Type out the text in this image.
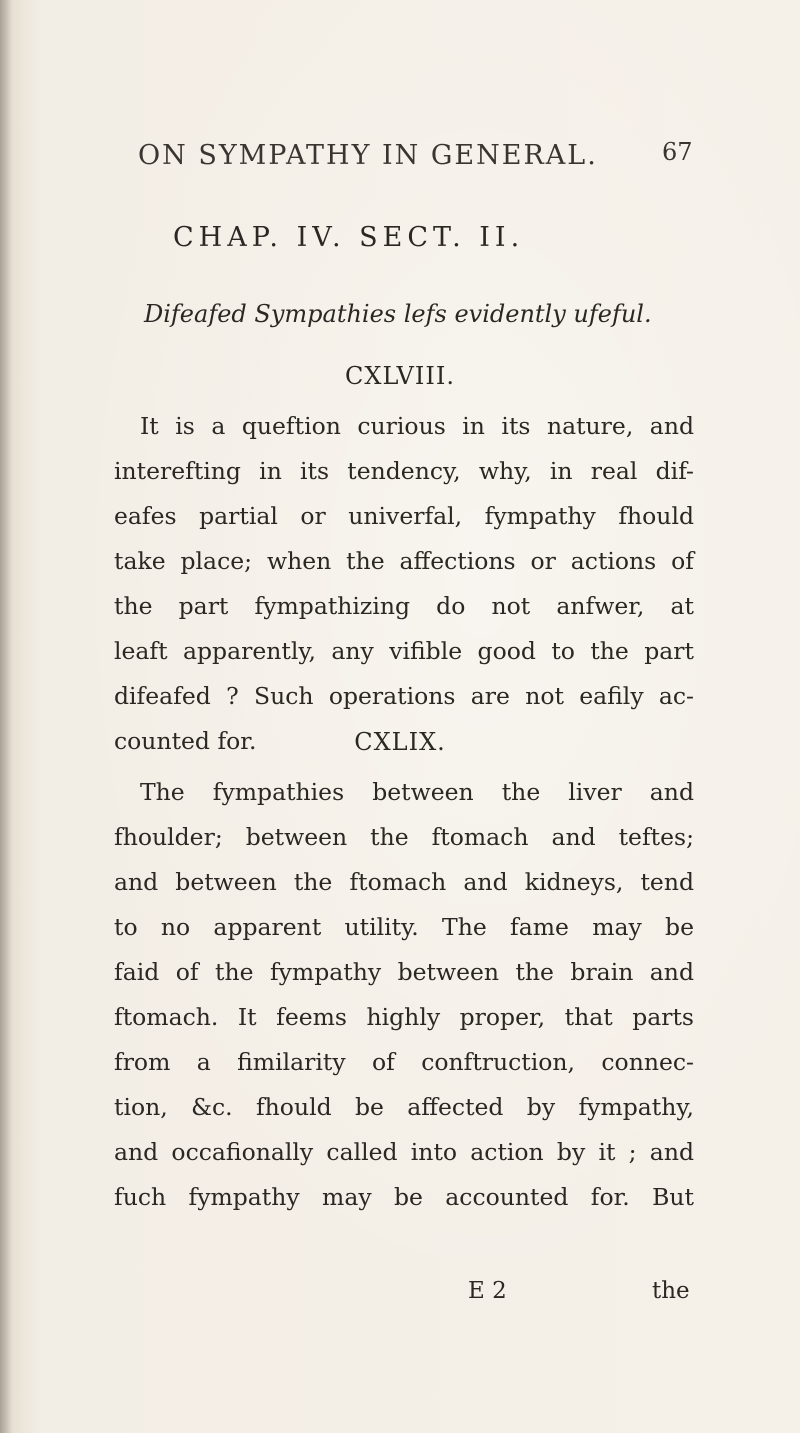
ON SYMPATHY IN GENERAL.	67
CHAP. IV. SECT. II.
Difeafed Sympathies lefs evidently ufeful.
CXLVIII.
It is a queftion curious in its nature, and
interefting in its tendency, why, in real dif-
eafes partial or univerfal, fympathy fhould
take place; when the affections or actions of
the part fympathizing do not anfwer, at
leaft apparently, any vifible good to the part
difeafed ? Such operations are not eafily ac-
counted for.	CXLIX.
The fympathies between the liver and
fhoulder; between the ftomach and teftes;
and between the ftomach and kidneys, tend
to no apparent utility. The fame may be
faid of the fympathy between the brain and
ftomach. It feems highly proper, that parts
from a fimilarity of conftruction, connec-
tion, &c. fhould be affected by fympathy,
and occafionally called into action by it ; and
fuch fympathy may be accounted for. But
E 2	the
